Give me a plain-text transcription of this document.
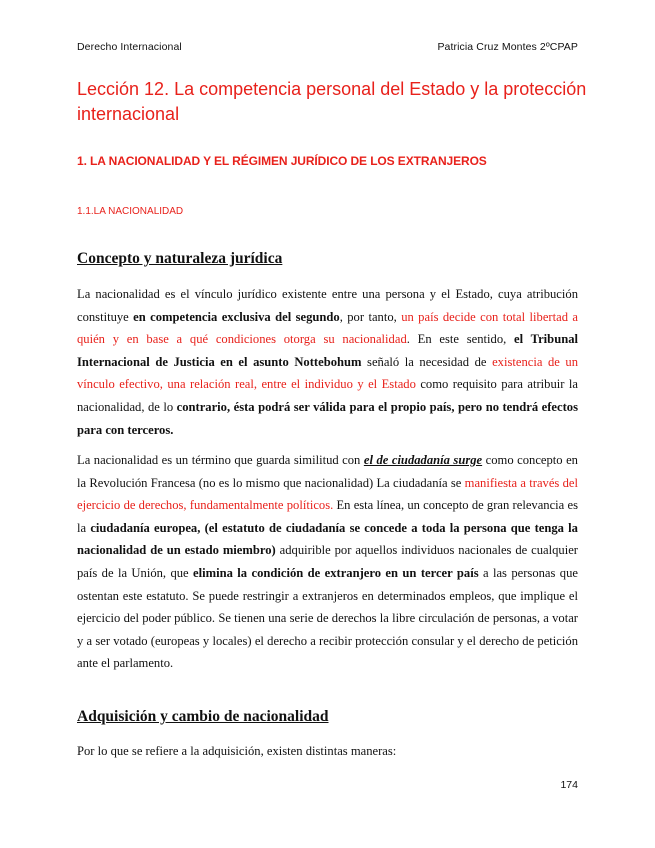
Derecho Internacional	Patricia Cruz Montes 2ºCPAP
Lección 12. La competencia personal del Estado y la protección internacional
1. LA NACIONALIDAD Y EL RÉGIMEN JURÍDICO DE LOS EXTRANJEROS
1.1.LA NACIONALIDAD
Concepto y naturaleza jurídica

La nacionalidad es el vínculo jurídico existente entre una persona y el Estado, cuya atribución constituye en competencia exclusiva del segundo, por tanto, un país decide con total libertad a quién y en base a qué condiciones otorga su nacionalidad. En este sentido, el Tribunal Internacional de Justicia en el asunto Nottebohum señaló la necesidad de existencia de un vínculo efectivo, una relación real, entre el individuo y el Estado como requisito para atribuir la nacionalidad, de lo contrario, ésta podrá ser válida para el propio país, pero no tendrá efectos para con terceros.

La nacionalidad es un término que guarda similitud con el de ciudadanía surge como concepto en la Revolución Francesa (no es lo mismo que nacionalidad) La ciudadanía se manifiesta a través del ejercicio de derechos, fundamentalmente políticos. En esta línea, un concepto de gran relevancia es la ciudadanía europea, (el estatuto de ciudadanía se concede a toda la persona que tenga la nacionalidad de un estado miembro) adquirible por aquellos individuos nacionales de cualquier país de la Unión, que elimina la condición de extranjero en un tercer país a las personas que ostentan este estatuto. Se puede restringir a extranjeros en determinados empleos, que implique el ejercicio del poder público. Se tienen una serie de derechos la libre circulación de personas, a votar y a ser votado (europeas y locales) el derecho a recibir protección consular y el derecho de petición ante el parlamento.

Adquisición y cambio de nacionalidad

Por lo que se refiere a la adquisición, existen distintas maneras:

174
